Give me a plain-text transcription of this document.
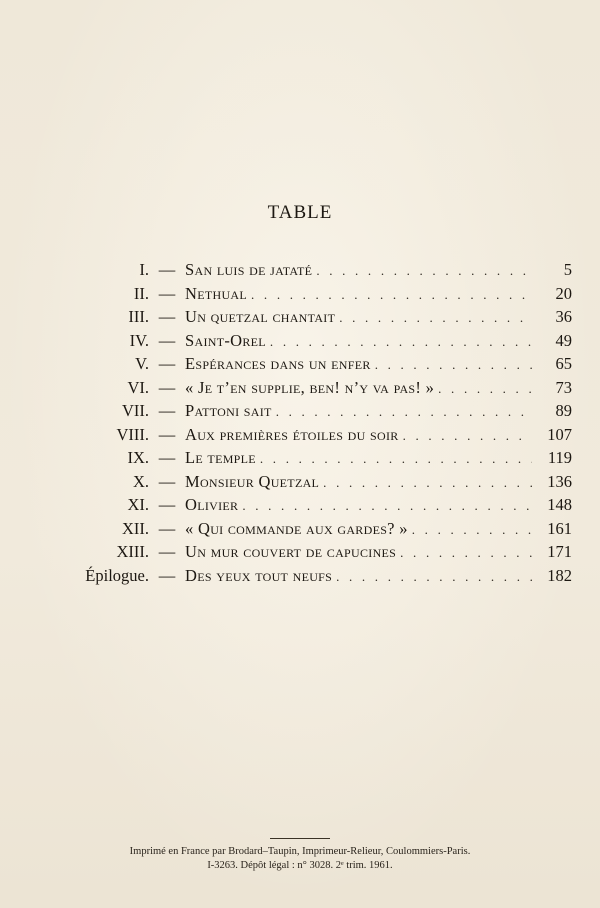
TABLE
I. — San luis de jataté . . .	5
II. — Nethual . . .	20
III. — Un quetzal chantait . . .	36
IV. — Saint-Orel . . .	49
V. — Espérances dans un enfer . . .	65
VI. — « Je t’en supplie, ben! n’y va pas! » . . .	73
VII. — Pattoni sait . . .	89
VIII. — Aux premières étoiles du soir . . .	107
IX. — Le temple . . .	119
X. — Monsieur Quetzal . . .	136
XI. — Olivier . . .	148
XII. — « Qui commande aux gardes? » . . .	161
XIII. — Un mur couvert de capucines . . .	171
Épilogue. — Des yeux tout neufs . . .	182
Imprimé en France par Brodard–Taupin, Imprimeur-Relieur, Coulommiers-Paris.
I-3263. Dépôt légal : n° 3028. 2ᵉ trim. 1961.
